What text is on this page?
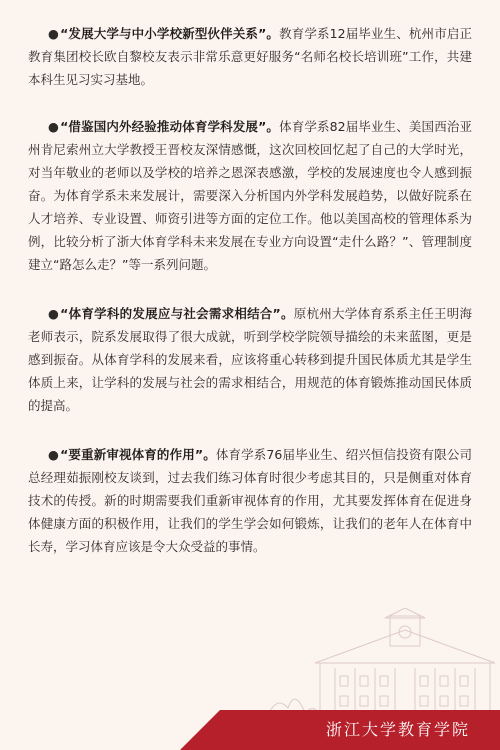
●“发展大学与中小学校新型伙伴关系”。教育学系12届毕业生、杭州市启正教育集团校长欧自黎校友表示非常乐意更好服务“名师名校长培训班”工作，共建本科生见习实习基地。

●“借鉴国内外经验推动体育学科发展”。体育学系82届毕业生、美国西治亚州肯尼索州立大学教授王晋校友深情感慨，这次回校回忆起了自己的大学时光，对当年敬业的老师以及学校的培养之恩深表感激，学校的发展速度也令人感到振奋。为体育学系未来发展计，需要深入分析国内外学科发展趋势，以做好院系在人才培养、专业设置、师资引进等方面的定位工作。他以美国高校的管理体系为例，比较分析了浙大体育学科未来发展在专业方向设置“走什么路？”、管理制度建立“路怎么走？”等一系列问题。

●“体育学科的发展应与社会需求相结合”。原杭州大学体育系系主任王明海老师表示，院系发展取得了很大成就，听到学校学院领导描绘的未来蓝图，更是感到振奋。从体育学科的发展来看，应该将重心转移到提升国民体质尤其是学生体质上来，让学科的发展与社会的需求相结合，用规范的体育锻炼推动国民体质的提高。

●“要重新审视体育的作用”。体育学系76届毕业生、绍兴恒信投资有限公司总经理茹振刚校友谈到，过去我们练习体育时很少考虑其目的，只是侧重对体育技术的传授。新的时期需要我们重新审视体育的作用，尤其要发挥体育在促进身体健康方面的积极作用，让我们的学生学会如何锻炼，让我们的老年人在体育中长寿，学习体育应该是令大众受益的事情。

浙江大学教育学院
